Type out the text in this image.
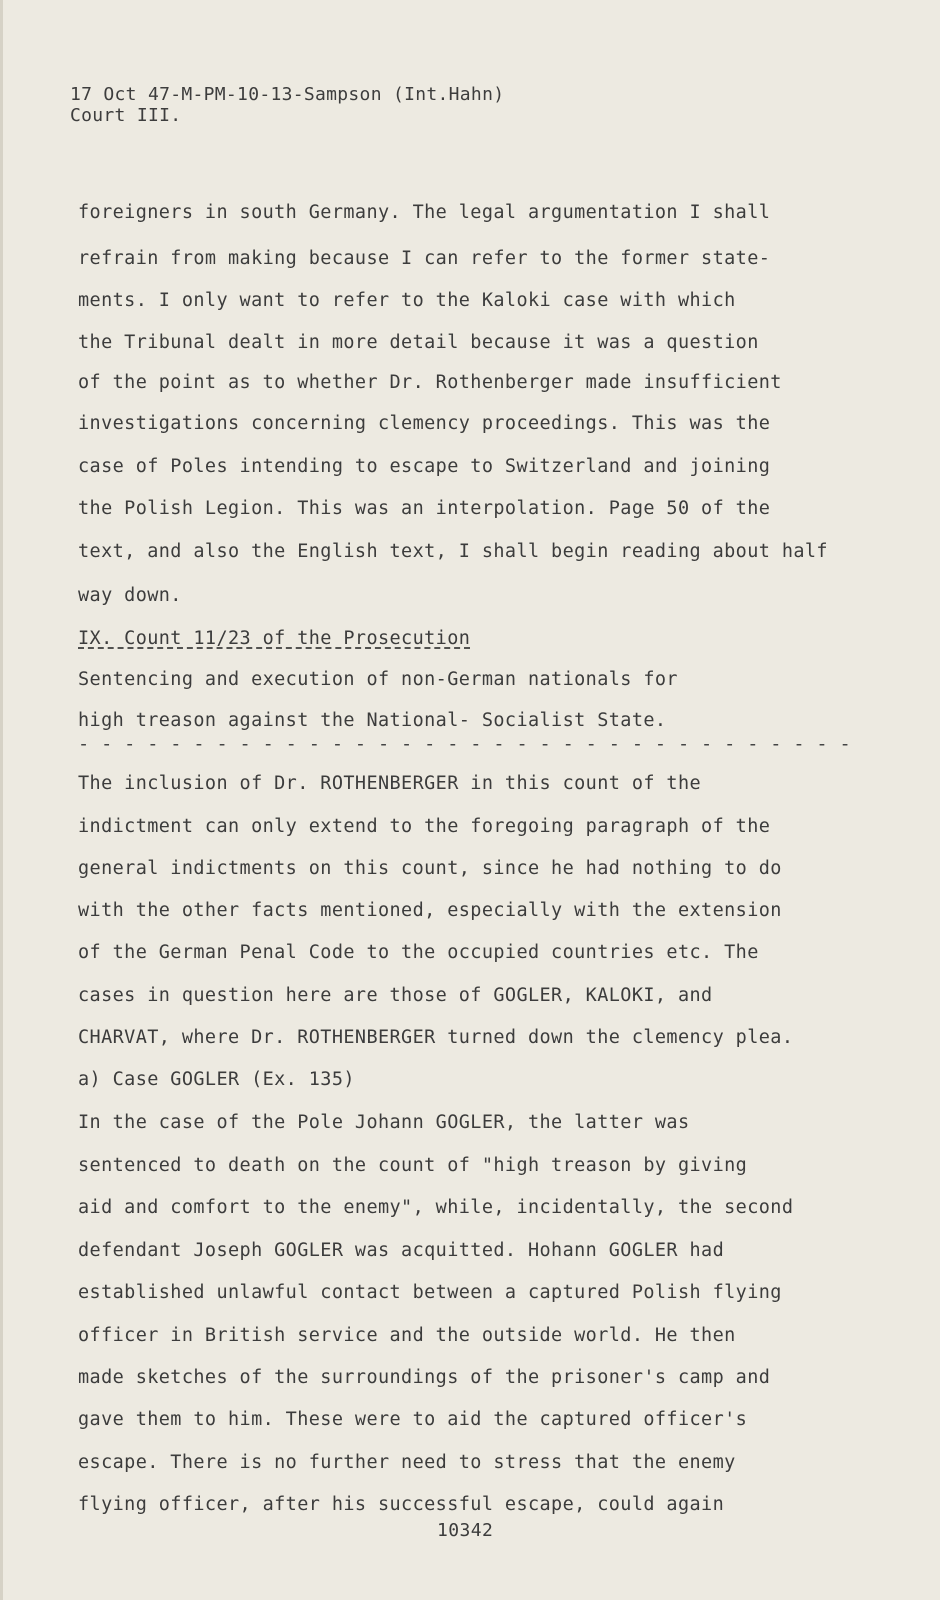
17 Oct 47-M-PM-10-13-Sampson (Int.Hahn)
Court III.
foreigners in south Germany. The legal argumentation I shall
refrain from making because I can refer to the former state-
ments. I only want to refer to the Kaloki case with which
the Tribunal dealt in more detail because it was a question
of the point as to whether Dr. Rothenberger made insufficient
investigations concerning clemency proceedings. This was the
case of Poles intending to escape to Switzerland and joining
the Polish Legion. This was an interpolation. Page 50 of the
text, and also the English text, I shall begin reading about half
way down.
IX. Count 11/23 of the Prosecution
Sentencing and execution of non-German nationals for
high treason against the National- Socialist State.
- - - - - - - - - - - - - - - - - - - - - - - - - - - - - - - - - -
The inclusion of Dr. ROTHENBERGER in this count of the
indictment can only extend to the foregoing paragraph of the
general indictments on this count, since he had nothing to do
with the other facts mentioned, especially with the extension
of the German Penal Code to the occupied countries etc. The
cases in question here are those of GOGLER, KALOKI, and
CHARVAT, where Dr. ROTHENBERGER turned down the clemency plea.
a) Case GOGLER (Ex. 135)
In the case of the Pole Johann GOGLER, the latter was
sentenced to death on the count of "high treason by giving
aid and comfort to the enemy", while, incidentally, the second
defendant Joseph GOGLER was acquitted. Hohann GOGLER had
established unlawful contact between a captured Polish flying
officer in British service and the outside world. He then
made sketches of the surroundings of the prisoner's camp and
gave them to him. These were to aid the captured officer's
escape. There is no further need to stress that the enemy
flying officer, after his successful escape, could again
10342
